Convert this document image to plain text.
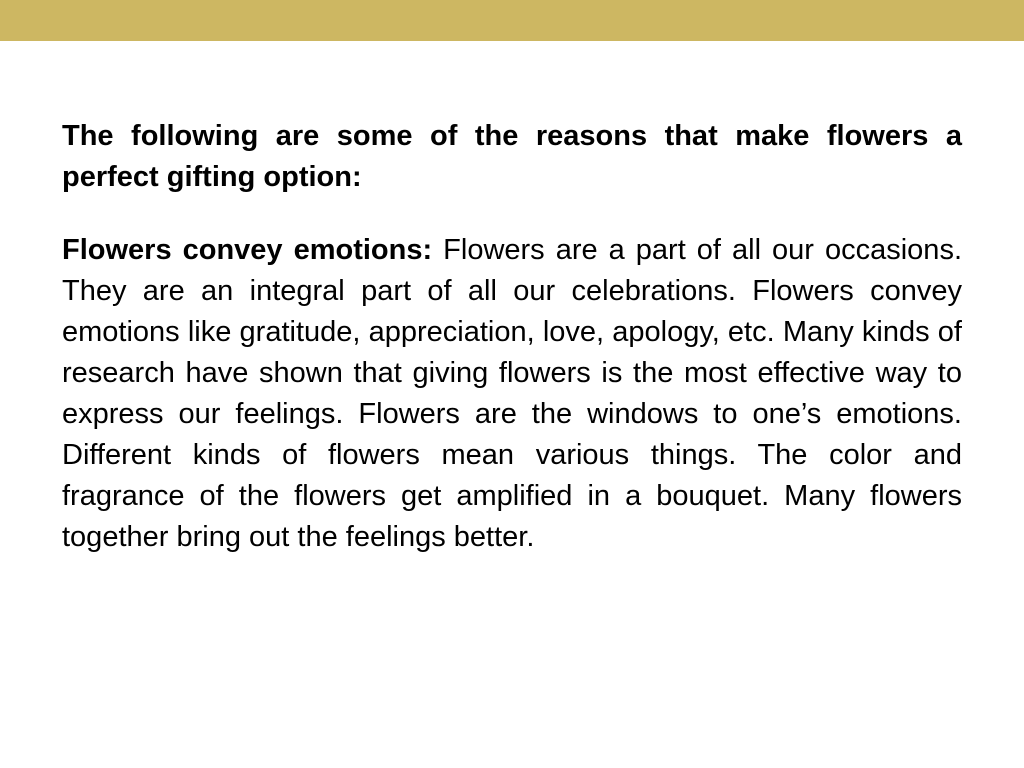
The following are some of the reasons that make flowers a perfect gifting option:

Flowers convey emotions: Flowers are a part of all our occasions. They are an integral part of all our celebrations. Flowers convey emotions like gratitude, appreciation, love, apology, etc. Many kinds of research have shown that giving flowers is the most effective way to express our feelings. Flowers are the windows to one’s emotions. Different kinds of flowers mean various things. The color and fragrance of the flowers get amplified in a bouquet. Many flowers together bring out the feelings better.
